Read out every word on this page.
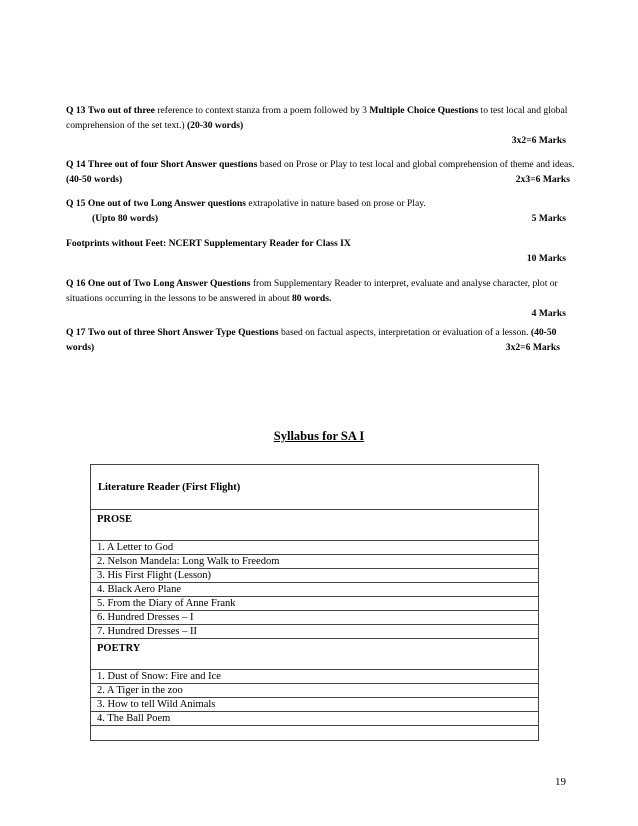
Q 13 Two out of three reference to context stanza from a poem followed by 3 Multiple Choice Questions to test local and global comprehension of the set text.) (20-30 words)

3x2=6 Marks

Q 14 Three out of four Short Answer questions based on Prose or Play to test local and global comprehension of theme and ideas. (40-50 words)	2x3=6 Marks

Q 15 One out of two Long Answer questions extrapolative in nature based on prose or Play.

(Upto 80 words)	5 Marks

Footprints without Feet: NCERT Supplementary Reader for Class IX

10 Marks

Q 16 One out of Two Long Answer Questions from Supplementary Reader to interpret, evaluate and analyse character, plot or situations occurring in the lessons to be answered in about 80 words.

4 Marks

Q 17 Two out of three Short Answer Type Questions based on factual aspects, interpretation or evaluation of a lesson. (40-50 words)	3x2=6 Marks

Syllabus for SA I
Literature Reader (First Flight)
PROSE
1. A Letter to God
2. Nelson Mandela: Long Walk to Freedom
3. His First Flight (Lesson)
4. Black Aero Plane
5. From the Diary of Anne Frank
6. Hundred Dresses – I
7. Hundred Dresses – II
POETRY
1. Dust of Snow: Fire and Ice
2. A Tiger in the zoo
3. How to tell Wild Animals
4. The Ball Poem

19
